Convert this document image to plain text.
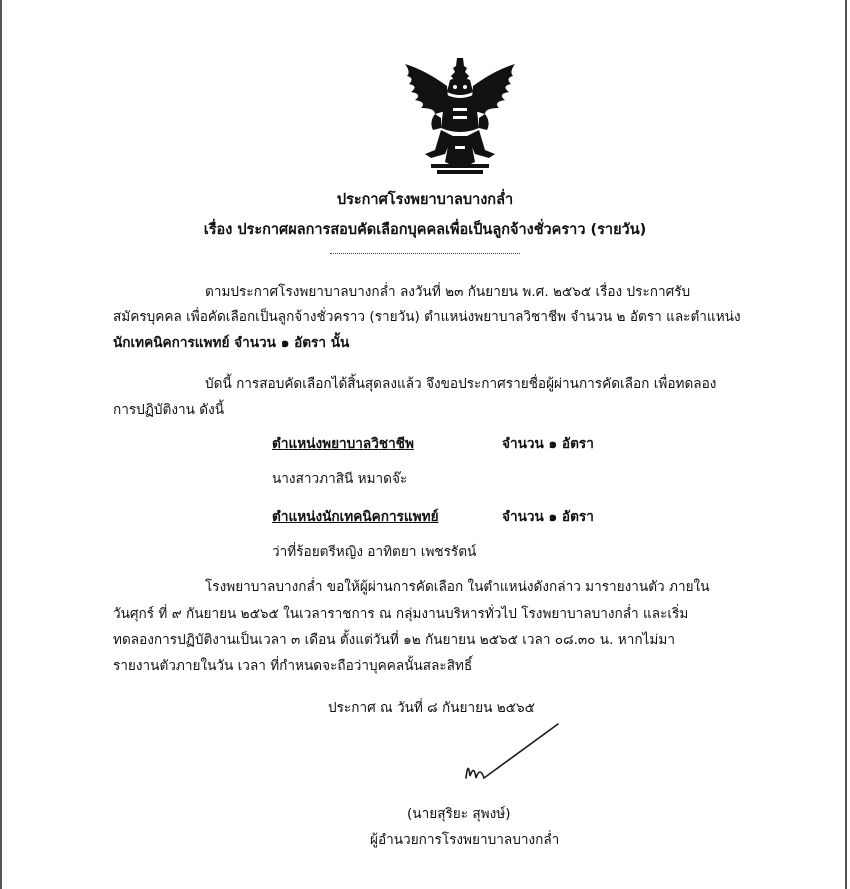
ประกาศโรงพยาบาลบางกล่ำ
เรื่อง ประกาศผลการสอบคัดเลือกบุคคลเพื่อเป็นลูกจ้างชั่วคราว (รายวัน)
ตามประกาศโรงพยาบาลบางกล่ำ ลงวันที่ ๒๓ กันยายน พ.ศ. ๒๕๖๕ เรื่อง ประกาศรับ
สมัครบุคคล เพื่อคัดเลือกเป็นลูกจ้างชั่วคราว (รายวัน) ตำแหน่งพยาบาลวิชาชีพ จำนวน ๒ อัตรา และตำแหน่ง
นักเทคนิคการแพทย์ จำนวน ๑ อัตรา นั้น
บัดนี้ การสอบคัดเลือกได้สิ้นสุดลงแล้ว จึงขอประกาศรายชื่อผู้ผ่านการคัดเลือก เพื่อทดลอง
การปฏิบัติงาน ดังนี้
ตำแหน่งพยาบาลวิชาชีพ	จำนวน ๑ อัตรา
นางสาวภาสินี หมาดจ๊ะ
ตำแหน่งนักเทคนิคการแพทย์	จำนวน ๑ อัตรา
ว่าที่ร้อยตรีหญิง อาทิตยา เพชรรัตน์
โรงพยาบาลบางกล่ำ ขอให้ผู้ผ่านการคัดเลือก ในตำแหน่งดังกล่าว มารายงานตัว ภายใน
วันศุกร์ ที่ ๙ กันยายน ๒๕๖๕ ในเวลาราชการ ณ กลุ่มงานบริหารทั่วไป โรงพยาบาลบางกล่ำ และเริ่ม
ทดลองการปฏิบัติงานเป็นเวลา ๓ เดือน ตั้งแต่วันที่ ๑๒ กันยายน ๒๕๖๕ เวลา ๐๘.๓๐ น. หากไม่มา
รายงานตัวภายในวัน เวลา ที่กำหนดจะถือว่าบุคคลนั้นสละสิทธิ์
ประกาศ ณ วันที่ ๘ กันยายน ๒๕๖๕
(นายสุริยะ สุพงษ์)
ผู้อำนวยการโรงพยาบาลบางกล่ำ
